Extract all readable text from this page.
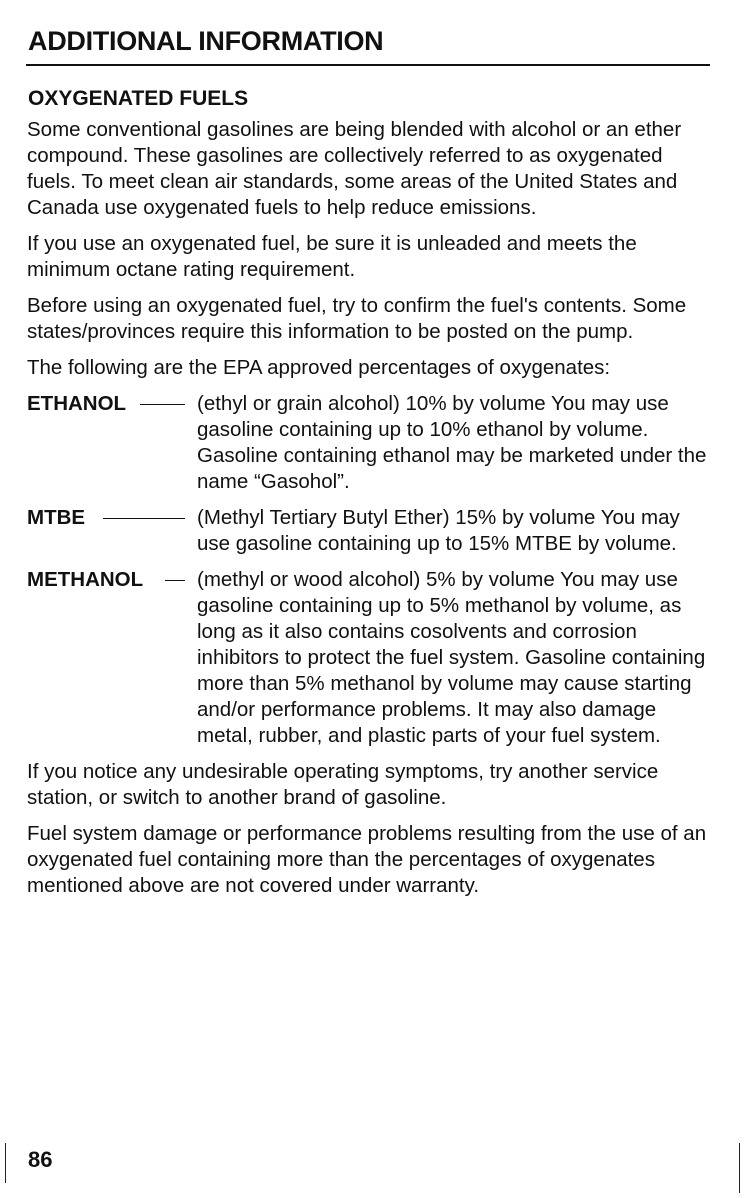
ADDITIONAL INFORMATION
OXYGENATED FUELS

Some conventional gasolines are being blended with alcohol or an ether compound. These gasolines are collectively referred to as oxygenated fuels. To meet clean air standards, some areas of the United States and Canada use oxygenated fuels to help reduce emissions.

If you use an oxygenated fuel, be sure it is unleaded and meets the minimum octane rating requirement.

Before using an oxygenated fuel, try to confirm the fuel's contents. Some states/provinces require this information to be posted on the pump.

The following are the EPA approved percentages of oxygenates:

ETHANOL	(ethyl or grain alcohol) 10% by volume You may use gasoline containing up to 10% ethanol by volume. Gasoline containing ethanol may be marketed under the name “Gasohol”.
MTBE	(Methyl Tertiary Butyl Ether) 15% by volume You may use gasoline containing up to 15% MTBE by volume.
METHANOL	(methyl or wood alcohol) 5% by volume You may use gasoline containing up to 5% methanol by volume, as long as it also contains cosolvents and corrosion inhibitors to protect the fuel system. Gasoline containing more than 5% methanol by volume may cause starting and/or performance problems. It may also damage metal, rubber, and plastic parts of your fuel system.

If you notice any undesirable operating symptoms, try another service station, or switch to another brand of gasoline.

Fuel system damage or performance problems resulting from the use of an oxygenated fuel containing more than the percentages of oxygenates mentioned above are not covered under warranty.

86
